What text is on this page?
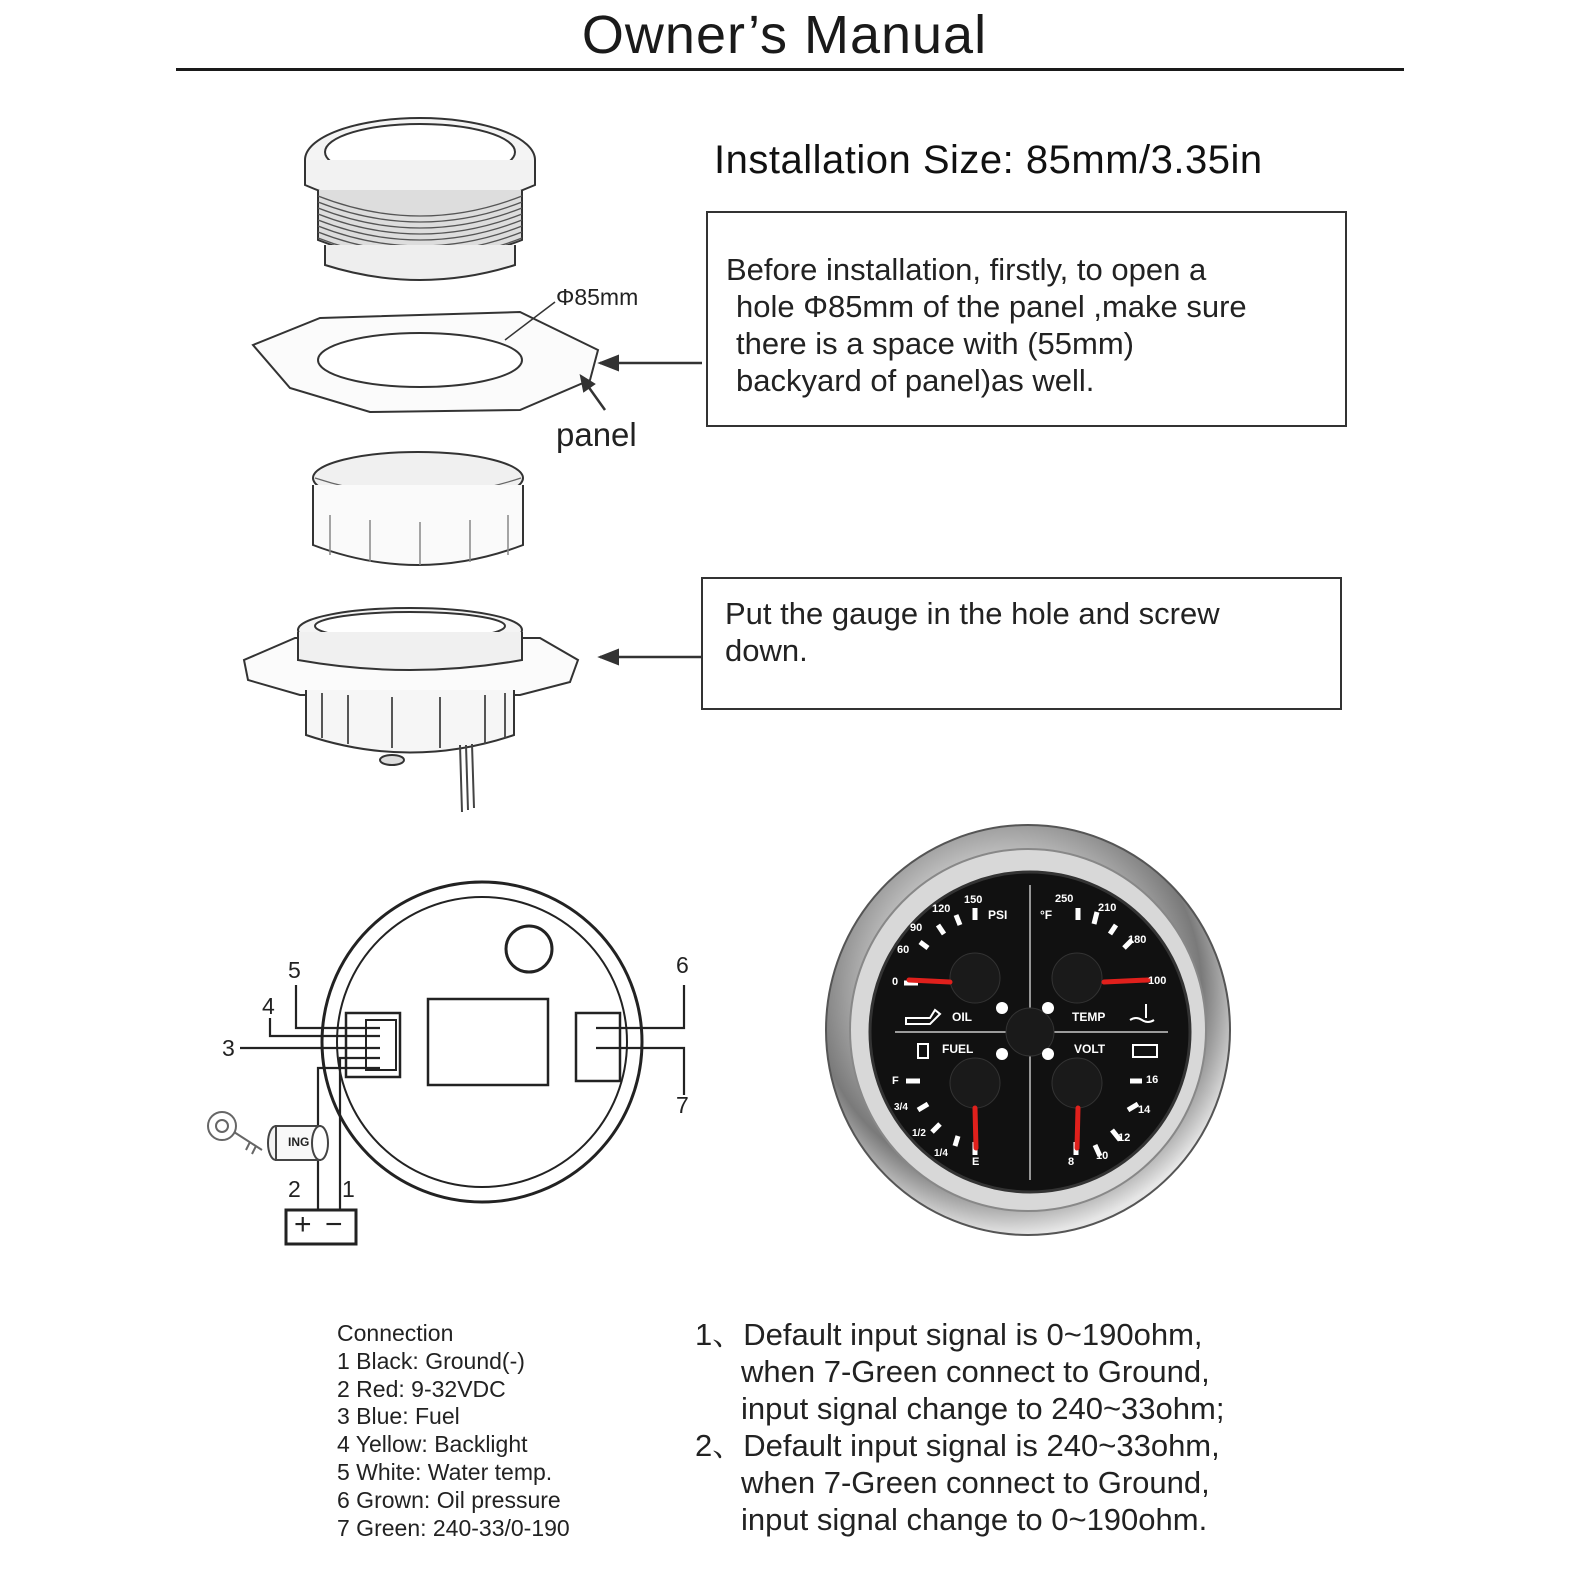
Owner’s Manual
Installation Size: 85mm/3.35in
Φ85mm
panel
Before installation, firstly, to open a
hole Φ85mm of the panel ,make sure
there is a space with (55mm)
backyard of panel)as well.
Put the gauge in the hole and screw
down.
5
4
3
6
7
2 1
ING
+ −
OIL
PSI
TEMP
°F
FUEL	VOLT
0
60
90
120
150	250
210
180
100
F
3/4
1/2
1/4
E
16
14
12
10
8
Connection
1 Black: Ground(-)
2 Red: 9-32VDC
3 Blue: Fuel
4 Yellow: Backlight
5 White: Water temp.
6 Grown: Oil pressure
7 Green: 240-33/0-190
1、Default input signal is 0~190ohm,
when 7-Green connect to Ground,
input signal change to 240~33ohm;
2、Default input signal is 240~33ohm,
when 7-Green connect to Ground,
input signal change to 0~190ohm.
